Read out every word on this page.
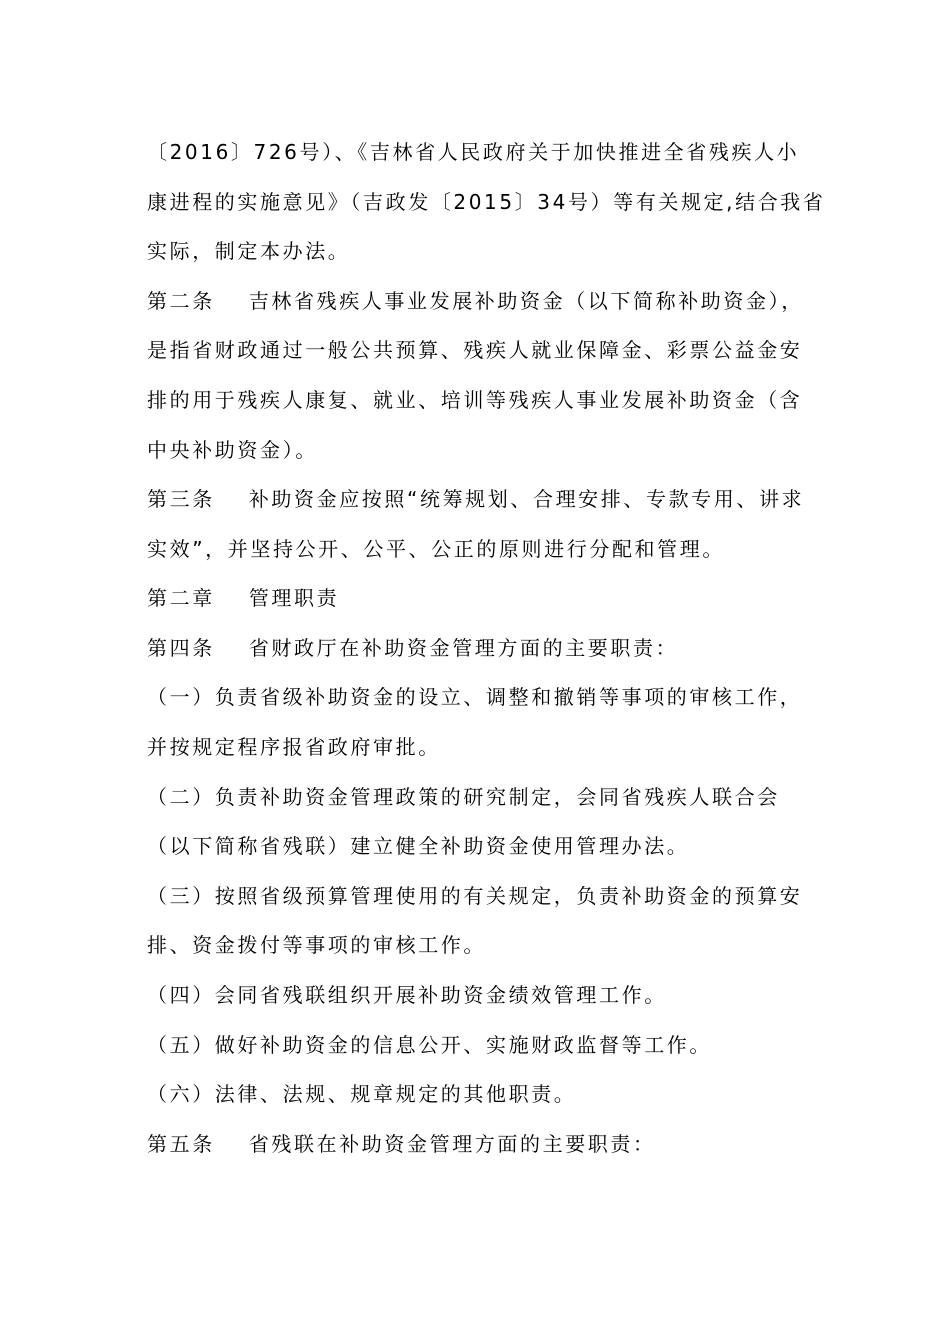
〔2016〕726号）、《吉林省人民政府关于加快推进全省残疾人小
康进程的实施意见》（吉政发〔2015〕34号）等有关规定,结合我省
实际，制定本办法。
第二条 吉林省残疾人事业发展补助资金（以下简称补助资金），
是指省财政通过一般公共预算、残疾人就业保障金、彩票公益金安
排的用于残疾人康复、就业、培训等残疾人事业发展补助资金（含
中央补助资金）。
第三条 补助资金应按照“统筹规划、合理安排、专款专用、讲求
实效”，并坚持公开、公平、公正的原则进行分配和管理。
第二章 管理职责
第四条 省财政厅在补助资金管理方面的主要职责：
（一）负责省级补助资金的设立、调整和撤销等事项的审核工作，
并按规定程序报省政府审批。
（二）负责补助资金管理政策的研究制定，会同省残疾人联合会
（以下简称省残联）建立健全补助资金使用管理办法。
（三）按照省级预算管理使用的有关规定，负责补助资金的预算安
排、资金拨付等事项的审核工作。
（四）会同省残联组织开展补助资金绩效管理工作。
（五）做好补助资金的信息公开、实施财政监督等工作。
（六）法律、法规、规章规定的其他职责。
第五条 省残联在补助资金管理方面的主要职责：
